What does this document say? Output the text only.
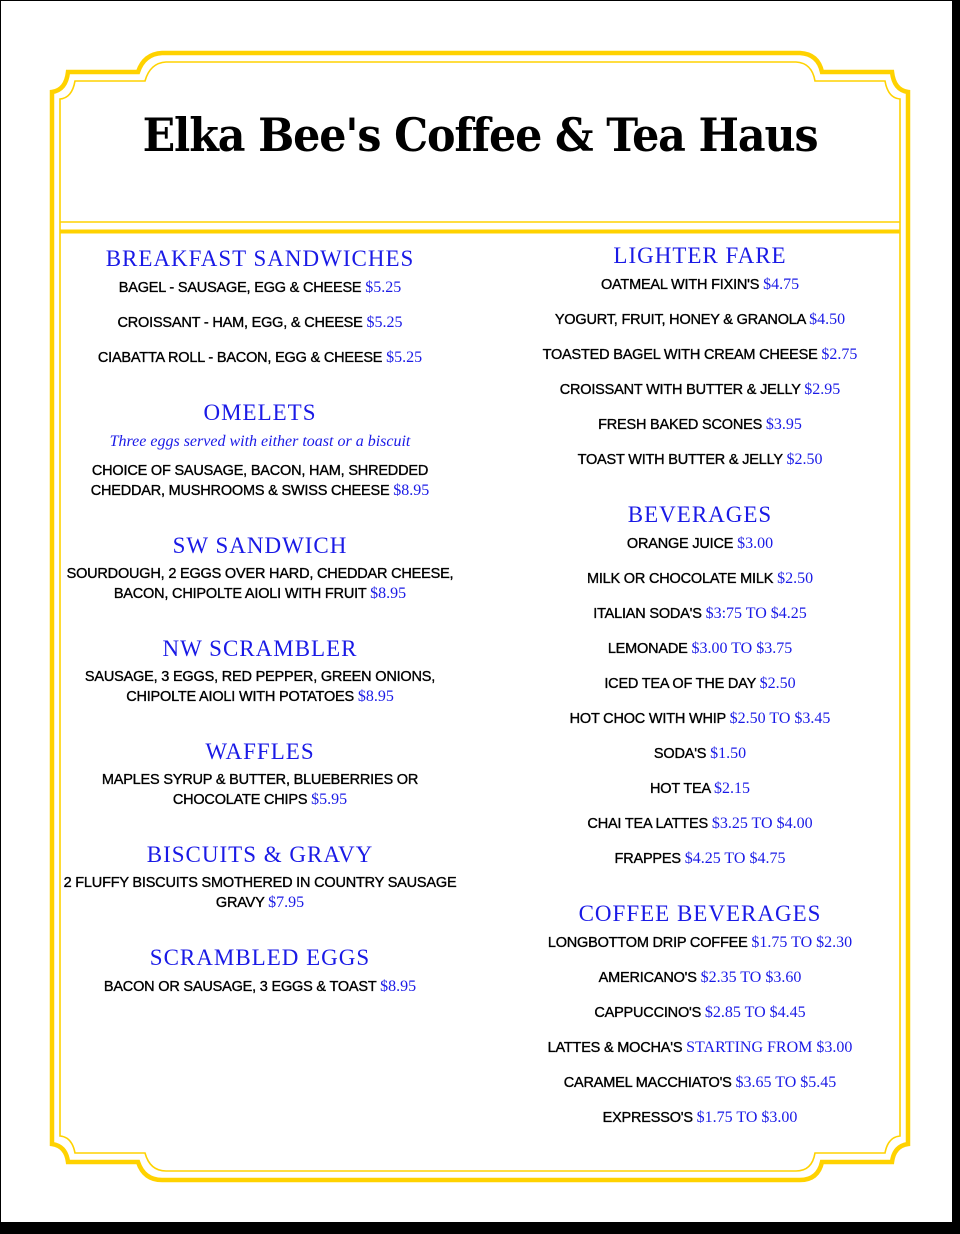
Elka Bee's Coffee & Tea Haus
BREAKFAST SANDWICHES
BAGEL - SAUSAGE, EGG & CHEESE $5.25
CROISSANT - HAM, EGG, & CHEESE $5.25
CIABATTA ROLL - BACON, EGG & CHEESE $5.25
OMELETS
Three eggs served with either toast or a biscuit
CHOICE OF SAUSAGE, BACON, HAM, SHREDDED CHEDDAR, MUSHROOMS & SWISS CHEESE $8.95
SW SANDWICH
SOURDOUGH, 2 EGGS OVER HARD, CHEDDAR CHEESE, BACON, CHIPOLTE AIOLI WITH FRUIT $8.95
NW SCRAMBLER
SAUSAGE, 3 EGGS, RED PEPPER, GREEN ONIONS, CHIPOLTE AIOLI WITH POTATOES $8.95
WAFFLES
MAPLES SYRUP & BUTTER, BLUEBERRIES OR CHOCOLATE CHIPS $5.95
BISCUITS & GRAVY
2 FLUFFY BISCUITS SMOTHERED IN COUNTRY SAUSAGE GRAVY $7.95
SCRAMBLED EGGS
BACON OR SAUSAGE, 3 EGGS & TOAST $8.95
LIGHTER FARE
OATMEAL WITH FIXIN'S $4.75
YOGURT, FRUIT, HONEY & GRANOLA $4.50
TOASTED BAGEL WITH CREAM CHEESE $2.75
CROISSANT WITH BUTTER & JELLY $2.95
FRESH BAKED SCONES $3.95
TOAST WITH BUTTER & JELLY $2.50
BEVERAGES
ORANGE JUICE $3.00
MILK OR CHOCOLATE MILK $2.50
ITALIAN SODA'S $3:75 TO $4.25
LEMONADE $3.00 TO $3.75
ICED TEA OF THE DAY $2.50
HOT CHOC WITH WHIP $2.50 TO $3.45
SODA'S $1.50
HOT TEA $2.15
CHAI TEA LATTES $3.25 TO $4.00
FRAPPES $4.25 TO $4.75
COFFEE BEVERAGES
LONGBOTTOM DRIP COFFEE $1.75 TO $2.30
AMERICANO'S $2.35 TO $3.60
CAPPUCCINO'S $2.85 TO $4.45
LATTES & MOCHA'S STARTING FROM $3.00
CARAMEL MACCHIATO'S $3.65 TO $5.45
EXPRESSO'S $1.75 TO $3.00
